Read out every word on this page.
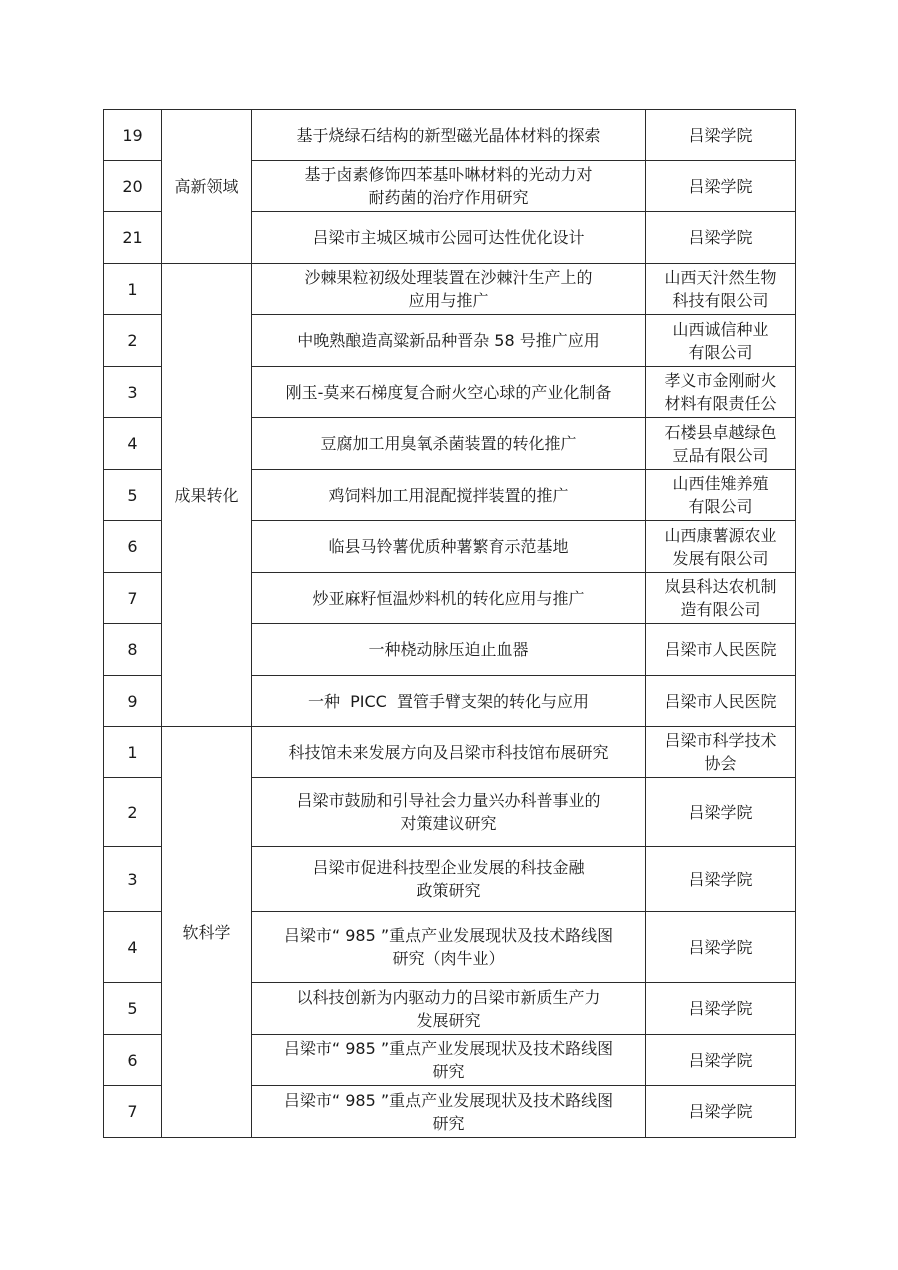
19	高新领域	基于烧绿石结构的新型磁光晶体材料的探索	吕梁学院

20		基于卤素修饰四苯基卟啉材料的光动力对
耐药菌的治疗作用研究	吕梁学院

21		吕梁市主城区城市公园可达性优化设计	吕梁学院

1	成果转化	沙棘果粒初级处理装置在沙棘汁生产上的
应用与推广	山西天汁然生物
科技有限公司

2		中晚熟酿造高粱新品种晋杂 58 号推广应用	山西诚信种业
有限公司

3		刚玉-莫来石梯度复合耐火空心球的产业化制备	孝义市金刚耐火
材料有限责任公

4		豆腐加工用臭氧杀菌装置的转化推广	石楼县卓越绿色
豆品有限公司

5		鸡饲料加工用混配搅拌装置的推广	山西佳雉养殖
有限公司

6		临县马铃薯优质种薯繁育示范基地	山西康薯源农业
发展有限公司

7		炒亚麻籽恒温炒料机的转化应用与推广	岚县科达农机制
造有限公司

8		一种桡动脉压迫止血器	吕梁市人民医院

9		一种  PICC  置管手臂支架的转化与应用	吕梁市人民医院

1	软科学	科技馆未来发展方向及吕梁市科技馆布展研究	吕梁市科学技术
协会

2		吕梁市鼓励和引导社会力量兴办科普事业的
对策建议研究	吕梁学院

3		吕梁市促进科技型企业发展的科技金融
政策研究	吕梁学院

4		吕梁市“ 985 ”重点产业发展现状及技术路线图
研究（肉牛业）	吕梁学院

5		以科技创新为内驱动力的吕梁市新质生产力
发展研究	吕梁学院

6		吕梁市“ 985 ”重点产业发展现状及技术路线图
研究	吕梁学院

7		吕梁市“ 985 ”重点产业发展现状及技术路线图
研究	吕梁学院
